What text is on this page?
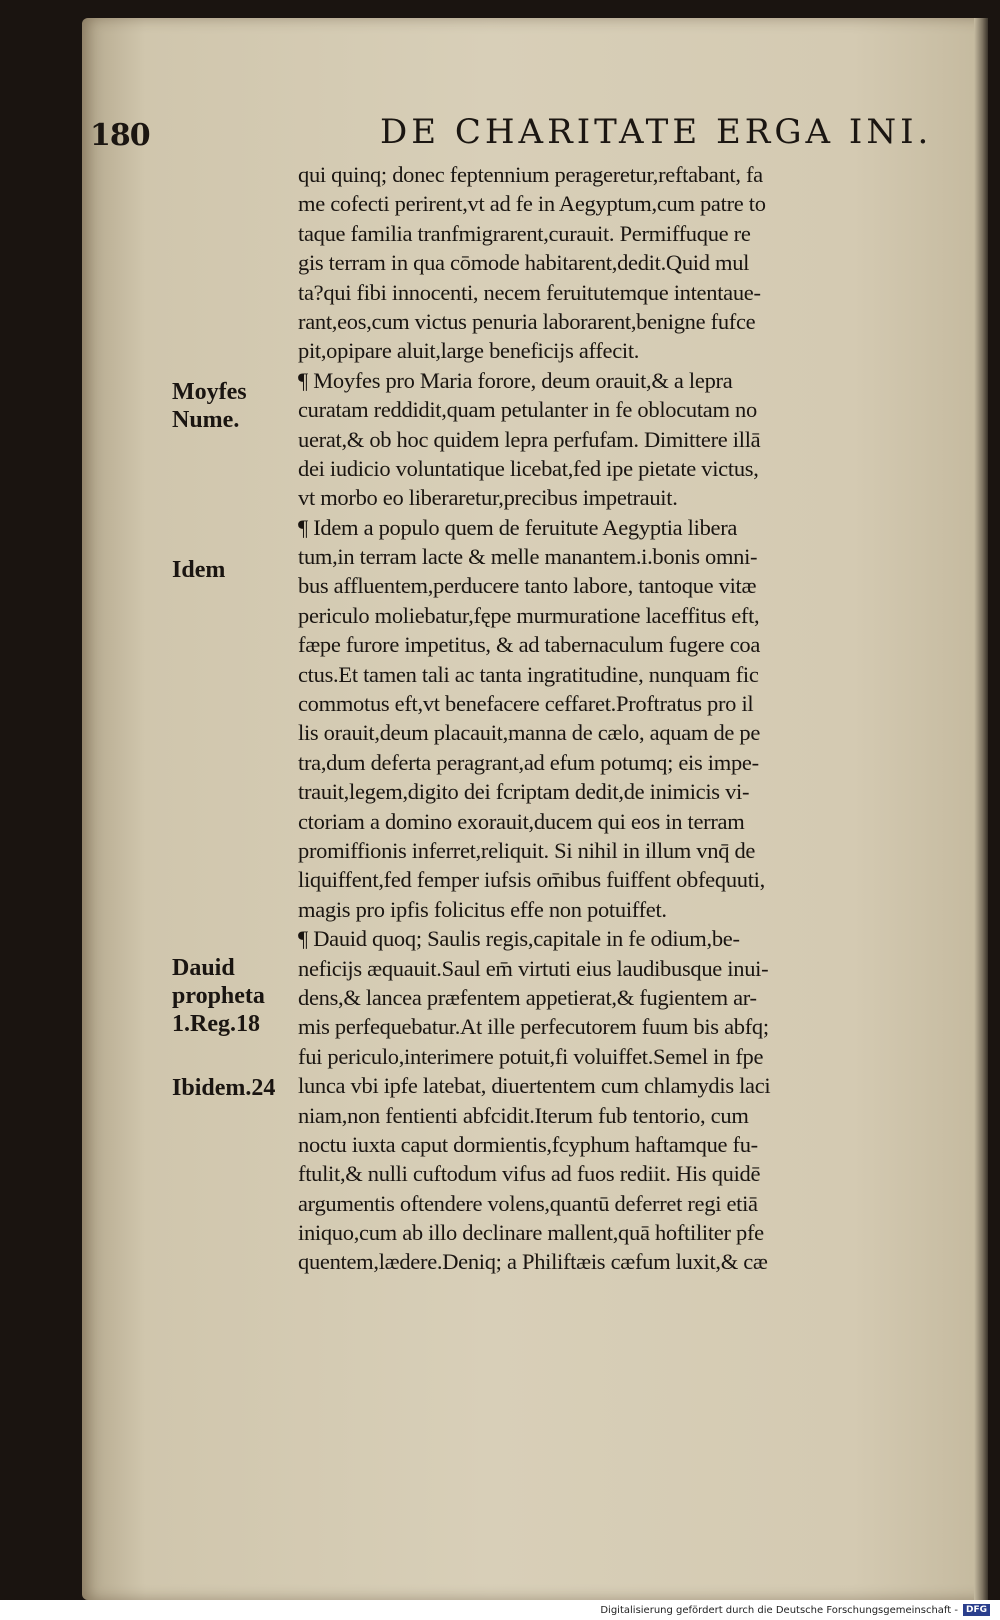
180	DE CHARITATE ERGA INI.
qui quinq; donec feptennium perageretur,reftabant, fa
me cofecti perirent,vt ad fe in Aegyptum,cum patre to
taque familia tranfmigrarent,curauit. Permiffuque re
gis terram in qua cōmode habitarent,dedit.Quid mul
ta?qui fibi innocenti, necem feruitutemque intentaue-
rant,eos,cum victus penuria laborarent,benigne fufce
pit,opipare aluit,large beneficijs affecit.
¶ Moyfes pro Maria forore, deum orauit,& a lepra
curatam reddidit,quam petulanter in fe oblocutam no
uerat,& ob hoc quidem lepra perfufam. Dimittere illā
dei iudicio voluntatique licebat,fed ipe pietate victus,
vt morbo eo liberaretur,precibus impetrauit.
¶ Idem a populo quem de feruitute Aegyptia libera
tum,in terram lacte & melle manantem.i.bonis omni-
bus affluentem,perducere tanto labore, tantoque vitæ
periculo moliebatur,fępe murmuratione laceffitus eft,
fæpe furore impetitus, & ad tabernaculum fugere coa
ctus.Et tamen tali ac tanta ingratitudine, nunquam fic
commotus eft,vt benefacere ceffaret.Proftratus pro il
lis orauit,deum placauit,manna de cælo, aquam de pe
tra,dum deferta peragrant,ad efum potumq; eis impe-
trauit,legem,digito dei fcriptam dedit,de inimicis vi-
ctoriam a domino exorauit,ducem qui eos in terram
promiffionis inferret,reliquit. Si nihil in illum vnq̄ de
liquiffent,fed femper iufsis om̄ibus fuiffent obfequuti,
magis pro ipfis folicitus effe non potuiffet.
¶ Dauid quoq; Saulis regis,capitale in fe odium,be-
neficijs æquauit.Saul em̄ virtuti eius laudibusque inui-
dens,& lancea præfentem appetierat,& fugientem ar-
mis perfequebatur.At ille perfecutorem fuum bis abfq;
fui periculo,interimere potuit,fi voluiffet.Semel in fpe
lunca vbi ipfe latebat, diuertentem cum chlamydis laci
niam,non fentienti abfcidit.Iterum fub tentorio, cum
noctu iuxta caput dormientis,fcyphum haftamque fu-
ftulit,& nulli cuftodum vifus ad fuos rediit. His quidē
argumentis oftendere volens,quantū deferret regi etiā
iniquo,cum ab illo declinare mallent,quā hoftiliter pfe
quentem,lædere.Deniq; a Philiftæis cæfum luxit,& cæ
Moyfes
Nume.
Idem
Dauid
propheta
1.Reg.18
Ibidem.24
Digitalisierung gefördert durch die Deutsche Forschungsgemeinschaft - DFG
